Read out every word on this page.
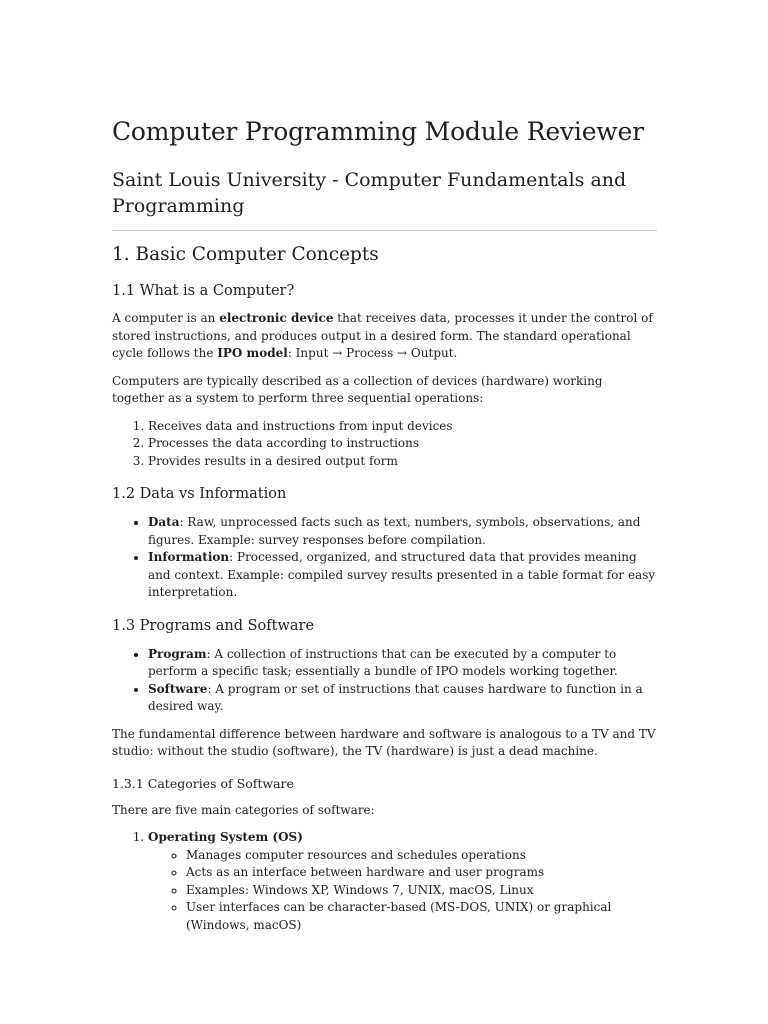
Computer Programming Module Reviewer
Saint Louis University - Computer Fundamentals and Programming
1. Basic Computer Concepts
1.1 What is a Computer?

A computer is an electronic device that receives data, processes it under the control of stored instructions, and produces output in a desired form. The standard operational cycle follows the IPO model: Input → Process → Output.

Computers are typically described as a collection of devices (hardware) working together as a system to perform three sequential operations:

1. Receives data and instructions from input devices
2. Processes the data according to instructions
3. Provides results in a desired output form
1.2 Data vs Information
• Data: Raw, unprocessed facts such as text, numbers, symbols, observations, and figures. Example: survey responses before compilation.
• Information: Processed, organized, and structured data that provides meaning and context. Example: compiled survey results presented in a table format for easy interpretation.
1.3 Programs and Software
• Program: A collection of instructions that can be executed by a computer to perform a specific task; essentially a bundle of IPO models working together.
• Software: A program or set of instructions that causes hardware to function in a desired way.

The fundamental difference between hardware and software is analogous to a TV and TV studio: without the studio (software), the TV (hardware) is just a dead machine.

1.3.1 Categories of Software

There are five main categories of software:

1. Operating System (OS)
◦ Manages computer resources and schedules operations
◦ Acts as an interface between hardware and user programs
◦ Examples: Windows XP, Windows 7, UNIX, macOS, Linux
◦ User interfaces can be character-based (MS-DOS, UNIX) or graphical (Windows, macOS)
